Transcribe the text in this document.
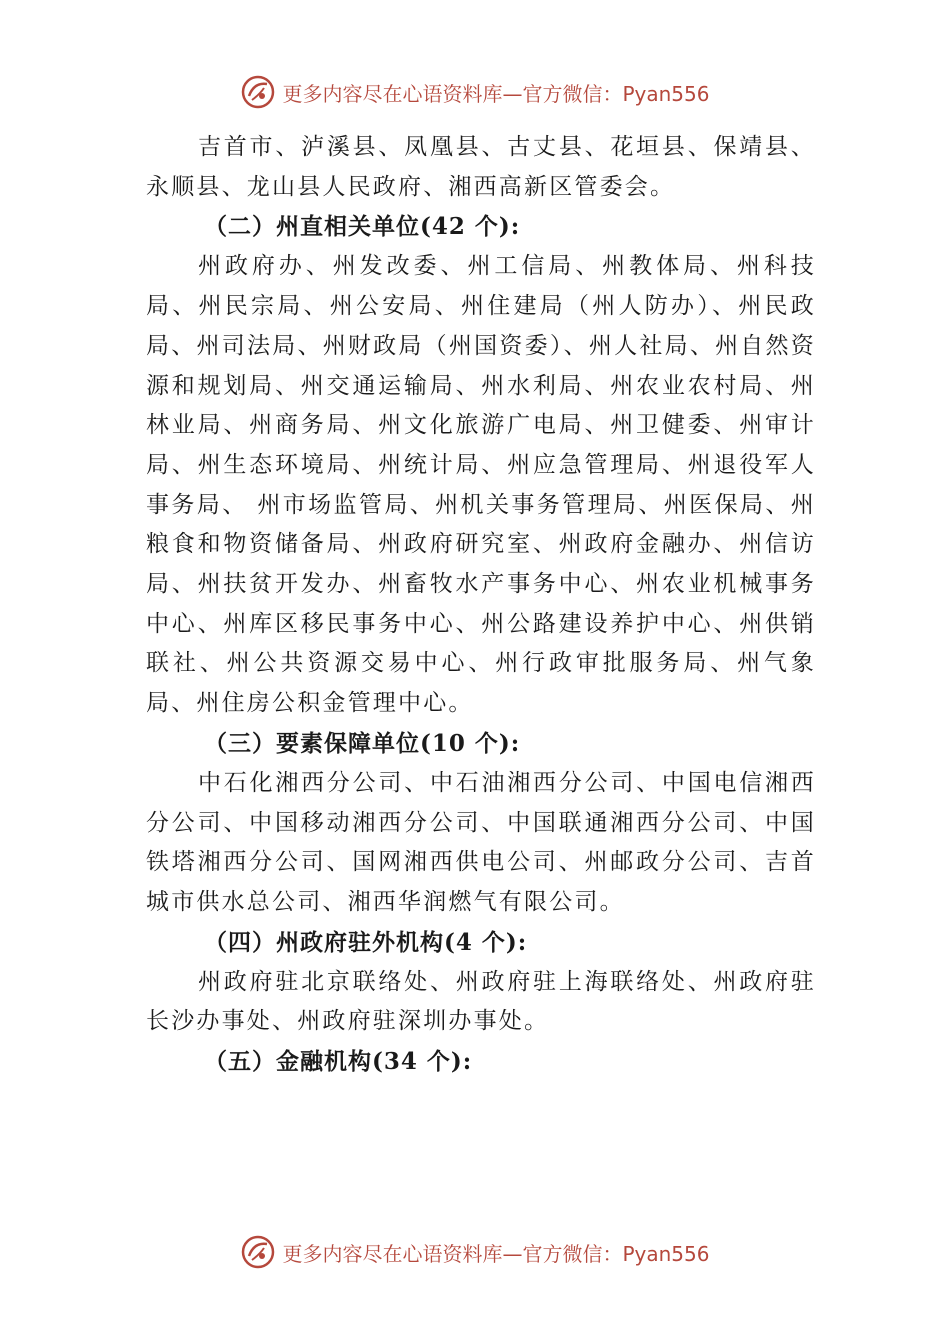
更多内容尽在心语资料库—官方微信：Pyan556

吉首市、泸溪县、凤凰县、古丈县、花垣县、保靖县、永顺县、龙山县人民政府、湘西高新区管委会。

（二）州直相关单位(42 个):

州政府办、州发改委、州工信局、州教体局、州科技局、州民宗局、州公安局、州住建局（州人防办）、州民政局、州司法局、州财政局（州国资委）、州人社局、州自然资源和规划局、州交通运输局、州水利局、州农业农村局、州林业局、州商务局、州文化旅游广电局、州卫健委、州审计局、州生态环境局、州统计局、州应急管理局、州退役军人事务局、 州市场监管局、州机关事务管理局、州医保局、州粮食和物资储备局、州政府研究室、州政府金融办、州信访局、州扶贫开发办、州畜牧水产事务中心、州农业机械事务中心、州库区移民事务中心、州公路建设养护中心、州供销联社、州公共资源交易中心、州行政审批服务局、州气象局、州住房公积金管理中心。

（三）要素保障单位(10 个):

中石化湘西分公司、中石油湘西分公司、中国电信湘西分公司、中国移动湘西分公司、中国联通湘西分公司、中国铁塔湘西分公司、国网湘西供电公司、州邮政分公司、吉首城市供水总公司、湘西华润燃气有限公司。

（四）州政府驻外机构(4 个):

州政府驻北京联络处、州政府驻上海联络处、州政府驻长沙办事处、州政府驻深圳办事处。

（五）金融机构(34 个):

更多内容尽在心语资料库—官方微信：Pyan556
